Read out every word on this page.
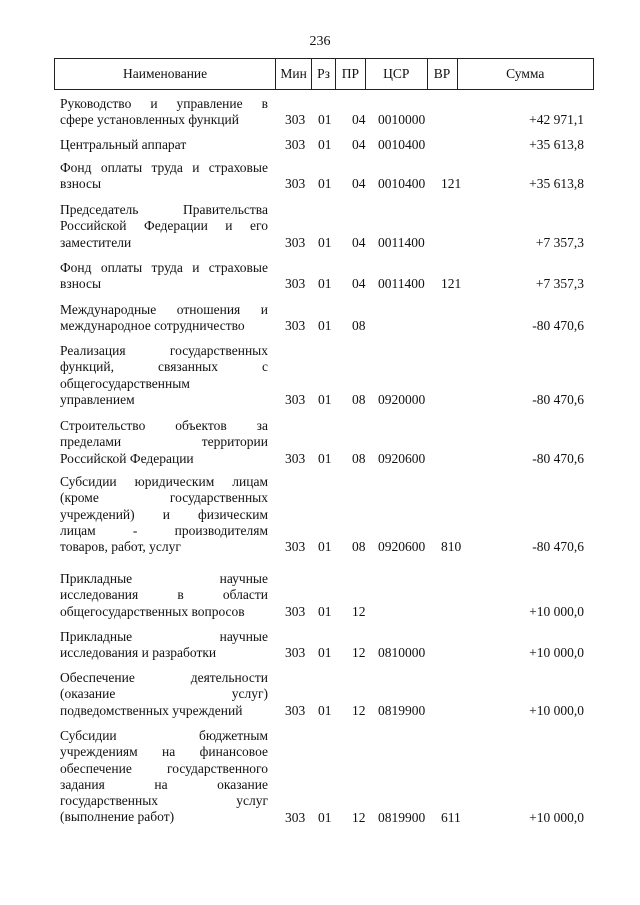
236
Наименование	Мин Рз ПР	ЦСР	ВР	Сумма
Руководство и управление в
сфере установленных функций	303 01 04 0010000	+42 971,1
Центральный аппарат	303 01 04 0010400	+35 613,8
Фонд оплаты труда и страховые
взносы	303 01 04 0010400 121	+35 613,8
Председатель Правительства
Российской Федерации и его
заместители	303 01 04 0011400	+7 357,3
Фонд оплаты труда и страховые
взносы	303 01 04 0011400 121	+7 357,3
Международные отношения и
международное сотрудничество	303 01 08	-80 470,6
Реализация государственных
функций, связанных с
общегосударственным
управлением	303 01 08 0920000	-80 470,6
Строительство объектов за
пределами территории
Российской Федерации	303 01 08 0920600	-80 470,6
Субсидии юридическим лицам
(кроме государственных
учреждений) и физическим
лицам - производителям
товаров, работ, услуг	303 01 08 0920600 810	-80 470,6
Прикладные научные
исследования в области
общегосударственных вопросов	303 01 12	+10 000,0
Прикладные научные
исследования и разработки	303 01 12 0810000	+10 000,0
Обеспечение деятельности
(оказание услуг)
подведомственных учреждений	303 01 12 0819900	+10 000,0
Субсидии бюджетным
учреждениям на финансовое
обеспечение государственного
задания на оказание
государственных услуг
(выполнение работ)	303 01 12 0819900 611	+10 000,0
